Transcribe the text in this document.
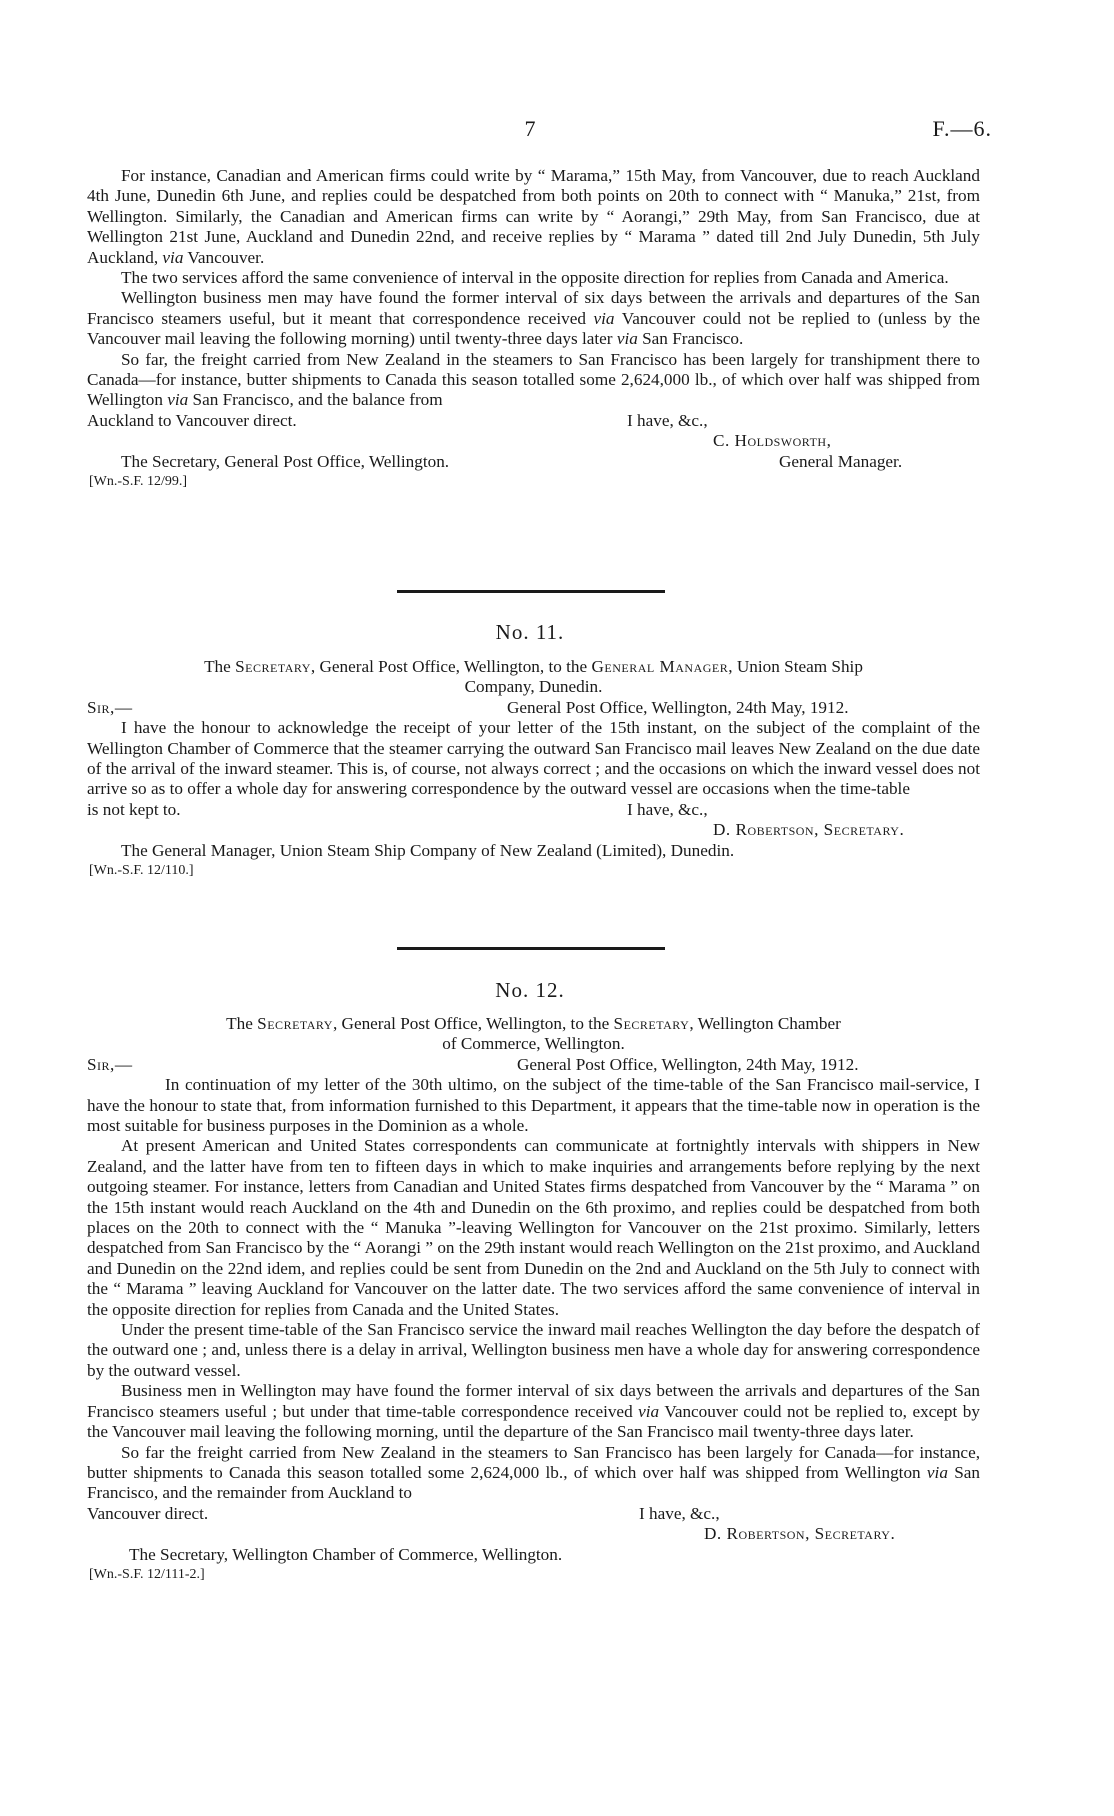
7	F.—6.

For instance, Canadian and American firms could write by “ Marama,” 15th May, from Vancouver, due to reach Auckland 4th June, Dunedin 6th June, and replies could be despatched from both points on 20th to connect with “ Manuka,” 21st, from Wellington. Similarly, the Canadian and American firms can write by “ Aorangi,” 29th May, from San Francisco, due at Wellington 21st June, Auckland and Dunedin 22nd, and receive replies by “ Marama ” dated till 2nd July Dunedin, 5th July Auckland, via Vancouver.

The two services afford the same convenience of interval in the opposite direction for replies from Canada and America.

Wellington business men may have found the former interval of six days between the arrivals and departures of the San Francisco steamers useful, but it meant that correspondence received via Vancouver could not be replied to (unless by the Vancouver mail leaving the following morning) until twenty-three days later via San Francisco.

So far, the freight carried from New Zealand in the steamers to San Francisco has been largely for transhipment there to Canada—for instance, butter shipments to Canada this season totalled some 2,624,000 lb., of which over half was shipped from Wellington via San Francisco, and the balance from

Auckland to Vancouver direct.	I have, &c.,
C. Holdsworth,
The Secretary, General Post Office, Wellington.	General Manager.
[Wn.-S.F. 12/99.]
No. 11.
The Secretary, General Post Office, Wellington, to the General Manager, Union Steam Ship
Company, Dunedin.
Sir,—	General Post Office, Wellington, 24th May, 1912.

I have the honour to acknowledge the receipt of your letter of the 15th instant, on the subject of the complaint of the Wellington Chamber of Commerce that the steamer carrying the outward San Francisco mail leaves New Zealand on the due date of the arrival of the inward steamer. This is, of course, not always correct ; and the occasions on which the inward vessel does not arrive so as to offer a whole day for answering correspondence by the outward vessel are occasions when the time-table

is not kept to.	I have, &c.,
D. Robertson, Secretary.
The General Manager, Union Steam Ship Company of New Zealand (Limited), Dunedin.
[Wn.-S.F. 12/110.]
No. 12.
The Secretary, General Post Office, Wellington, to the Secretary, Wellington Chamber
of Commerce, Wellington.
Sir,—	General Post Office, Wellington, 24th May, 1912.

In continuation of my letter of the 30th ultimo, on the subject of the time-table of the San Francisco mail-service, I have the honour to state that, from information furnished to this Department, it appears that the time-table now in operation is the most suitable for business purposes in the Dominion as a whole.

At present American and United States correspondents can communicate at fortnightly intervals with shippers in New Zealand, and the latter have from ten to fifteen days in which to make inquiries and arrangements before replying by the next outgoing steamer. For instance, letters from Canadian and United States firms despatched from Vancouver by the “ Marama ” on the 15th instant would reach Auckland on the 4th and Dunedin on the 6th proximo, and replies could be despatched from both places on the 20th to connect with the “ Manuka ”-leaving Wellington for Vancouver on the 21st proximo. Similarly, letters despatched from San Francisco by the “ Aorangi ” on the 29th instant would reach Wellington on the 21st proximo, and Auckland and Dunedin on the 22nd idem, and replies could be sent from Dunedin on the 2nd and Auckland on the 5th July to connect with the “ Marama ” leaving Auckland for Vancouver on the latter date. The two services afford the same convenience of interval in the opposite direction for replies from Canada and the United States.

Under the present time-table of the San Francisco service the inward mail reaches Wellington the day before the despatch of the outward one ; and, unless there is a delay in arrival, Wellington business men have a whole day for answering correspondence by the outward vessel.

Business men in Wellington may have found the former interval of six days between the arrivals and departures of the San Francisco steamers useful ; but under that time-table correspondence received via Vancouver could not be replied to, except by the Vancouver mail leaving the following morning, until the departure of the San Francisco mail twenty-three days later.

So far the freight carried from New Zealand in the steamers to San Francisco has been largely for Canada—for instance, butter shipments to Canada this season totalled some 2,624,000 lb., of which over half was shipped from Wellington via San Francisco, and the remainder from Auckland to

Vancouver direct.	I have, &c.,
D. Robertson, Secretary.
The Secretary, Wellington Chamber of Commerce, Wellington.
[Wn.-S.F. 12/111-2.]
